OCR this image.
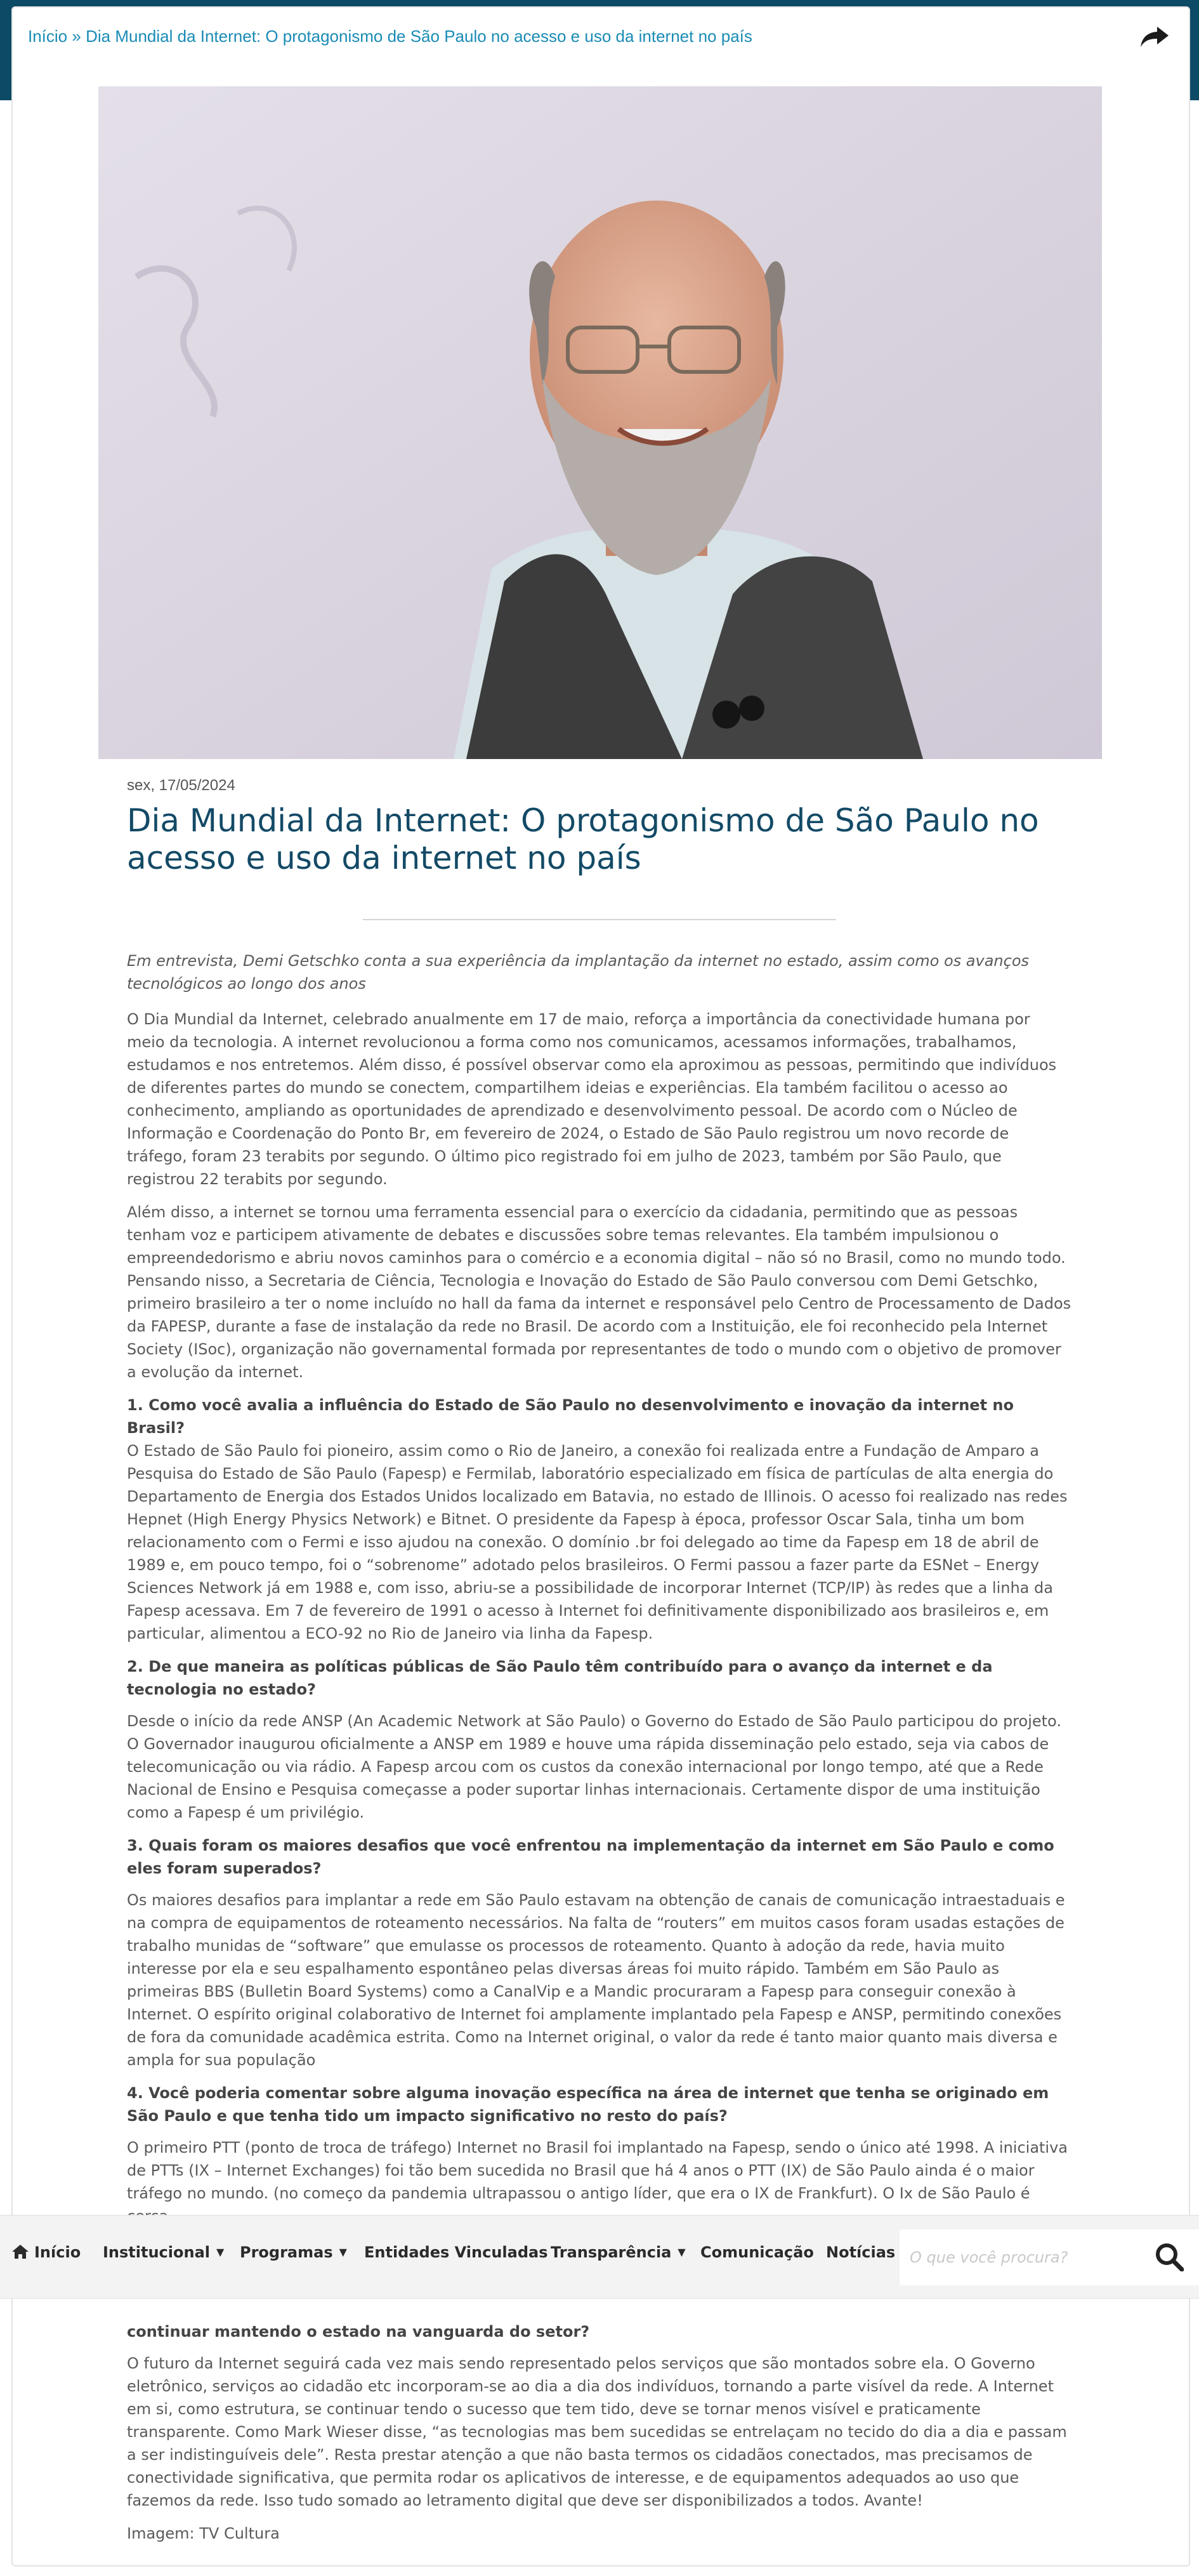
Início » Dia Mundial da Internet: O protagonismo de São Paulo no acesso e uso da internet no país
sex, 17/05/2024
Dia Mundial da Internet: O protagonismo de São Paulo no acesso e uso da internet no país

Em entrevista, Demi Getschko conta a sua experiência da implantação da internet no estado, assim como os avanços tecnológicos ao longo dos anos

O Dia Mundial da Internet, celebrado anualmente em 17 de maio, reforça a importância da conectividade humana por meio da tecnologia. A internet revolucionou a forma como nos comunicamos, acessamos informações, trabalhamos, estudamos e nos entretemos. Além disso, é possível observar como ela aproximou as pessoas, permitindo que indivíduos de diferentes partes do mundo se conectem, compartilhem ideias e experiências. Ela também facilitou o acesso ao conhecimento, ampliando as oportunidades de aprendizado e desenvolvimento pessoal. De acordo com o Núcleo de Informação e Coordenação do Ponto Br, em fevereiro de 2024, o Estado de São Paulo registrou um novo recorde de tráfego, foram 23 terabits por segundo. O último pico registrado foi em julho de 2023, também por São Paulo, que registrou 22 terabits por segundo.

Além disso, a internet se tornou uma ferramenta essencial para o exercício da cidadania, permitindo que as pessoas tenham voz e participem ativamente de debates e discussões sobre temas relevantes. Ela também impulsionou o empreendedorismo e abriu novos caminhos para o comércio e a economia digital – não só no Brasil, como no mundo todo. Pensando nisso, a Secretaria de Ciência, Tecnologia e Inovação do Estado de São Paulo conversou com Demi Getschko, primeiro brasileiro a ter o nome incluído no hall da fama da internet e responsável pelo Centro de Processamento de Dados da FAPESP, durante a fase de instalação da rede no Brasil. De acordo com a Instituição, ele foi reconhecido pela Internet Society (ISoc), organização não governamental formada por representantes de todo o mundo com o objetivo de promover a evolução da internet.

1. Como você avalia a influência do Estado de São Paulo no desenvolvimento e inovação da internet no Brasil?

O Estado de São Paulo foi pioneiro, assim como o Rio de Janeiro, a conexão foi realizada entre a Fundação de Amparo a Pesquisa do Estado de São Paulo (Fapesp) e Fermilab, laboratório especializado em física de partículas de alta energia do Departamento de Energia dos Estados Unidos localizado em Batavia, no estado de Illinois. O acesso foi realizado nas redes Hepnet (High Energy Physics Network) e Bitnet. O presidente da Fapesp à época, professor Oscar Sala, tinha um bom relacionamento com o Fermi e isso ajudou na conexão. O domínio .br foi delegado ao time da Fapesp em 18 de abril de 1989 e, em pouco tempo, foi o “sobrenome” adotado pelos brasileiros. O Fermi passou a fazer parte da ESNet – Energy Sciences Network já em 1988 e, com isso, abriu-se a possibilidade de incorporar Internet (TCP/IP) às redes que a linha da Fapesp acessava. Em 7 de fevereiro de 1991 o acesso à Internet foi definitivamente disponibilizado aos brasileiros e, em particular, alimentou a ECO-92 no Rio de Janeiro via linha da Fapesp.

2. De que maneira as políticas públicas de São Paulo têm contribuído para o avanço da internet e da tecnologia no estado?

Desde o início da rede ANSP (An Academic Network at São Paulo) o Governo do Estado de São Paulo participou do projeto. O Governador inaugurou oficialmente a ANSP em 1989 e houve uma rápida disseminação pelo estado, seja via cabos de telecomunicação ou via rádio. A Fapesp arcou com os custos da conexão internacional por longo tempo, até que a Rede Nacional de Ensino e Pesquisa começasse a poder suportar linhas internacionais. Certamente dispor de uma instituição como a Fapesp é um privilégio.

3. Quais foram os maiores desafios que você enfrentou na implementação da internet em São Paulo e como eles foram superados?

Os maiores desafios para implantar a rede em São Paulo estavam na obtenção de canais de comunicação intraestaduais e na compra de equipamentos de roteamento necessários. Na falta de “routers” em muitos casos foram usadas estações de trabalho munidas de “software” que emulasse os processos de roteamento. Quanto à adoção da rede, havia muito interesse por ela e seu espalhamento espontâneo pelas diversas áreas foi muito rápido. Também em São Paulo as primeiras BBS (Bulletin Board Systems) como a CanalVip e a Mandic procuraram a Fapesp para conseguir conexão à Internet. O espírito original colaborativo de Internet foi amplamente implantado pela Fapesp e ANSP, permitindo conexões de fora da comunidade acadêmica estrita. Como na Internet original, o valor da rede é tanto maior quanto mais diversa e ampla for sua população

4. Você poderia comentar sobre alguma inovação específica na área de internet que tenha se originado em São Paulo e que tenha tido um impacto significativo no resto do país?

O primeiro PTT (ponto de troca de tráfego) Internet no Brasil foi implantado na Fapesp, sendo o único até 1998. A iniciativa de PTTs (IX – Internet Exchanges) foi tão bem sucedida no Brasil que há 4 anos o PTT (IX) de São Paulo ainda é o maior tráfego no mundo. (no começo da pandemia ultrapassou o antigo líder, que era o IX de Frankfurt). O Ix de São Paulo é

continuar mantendo o estado na vanguarda do setor?

O futuro da Internet seguirá cada vez mais sendo representado pelos serviços que são montados sobre ela. O Governo eletrônico, serviços ao cidadão etc incorporam-se ao dia a dia dos indivíduos, tornando a parte visível da rede. A Internet em si, como estrutura, se continuar tendo o sucesso que tem tido, deve se tornar menos visível e praticamente transparente. Como Mark Wieser disse, “as tecnologias mas bem sucedidas se entrelaçam no tecido do dia a dia e passam a ser indistinguíveis dele”. Resta prestar atenção a que não basta termos os cidadãos conectados, mas precisamos de conectividade significativa, que permita rodar os aplicativos de interesse, e de equipamentos adequados ao uso que fazemos da rede. Isso tudo somado ao letramento digital que deve ser disponibilizados a todos. Avante!

Imagem: TV Cultura

Início Institucional ▼ Programas ▼ Entidades Vinculadas Transparência ▼ Comunicação Notícias
O que você procura?
